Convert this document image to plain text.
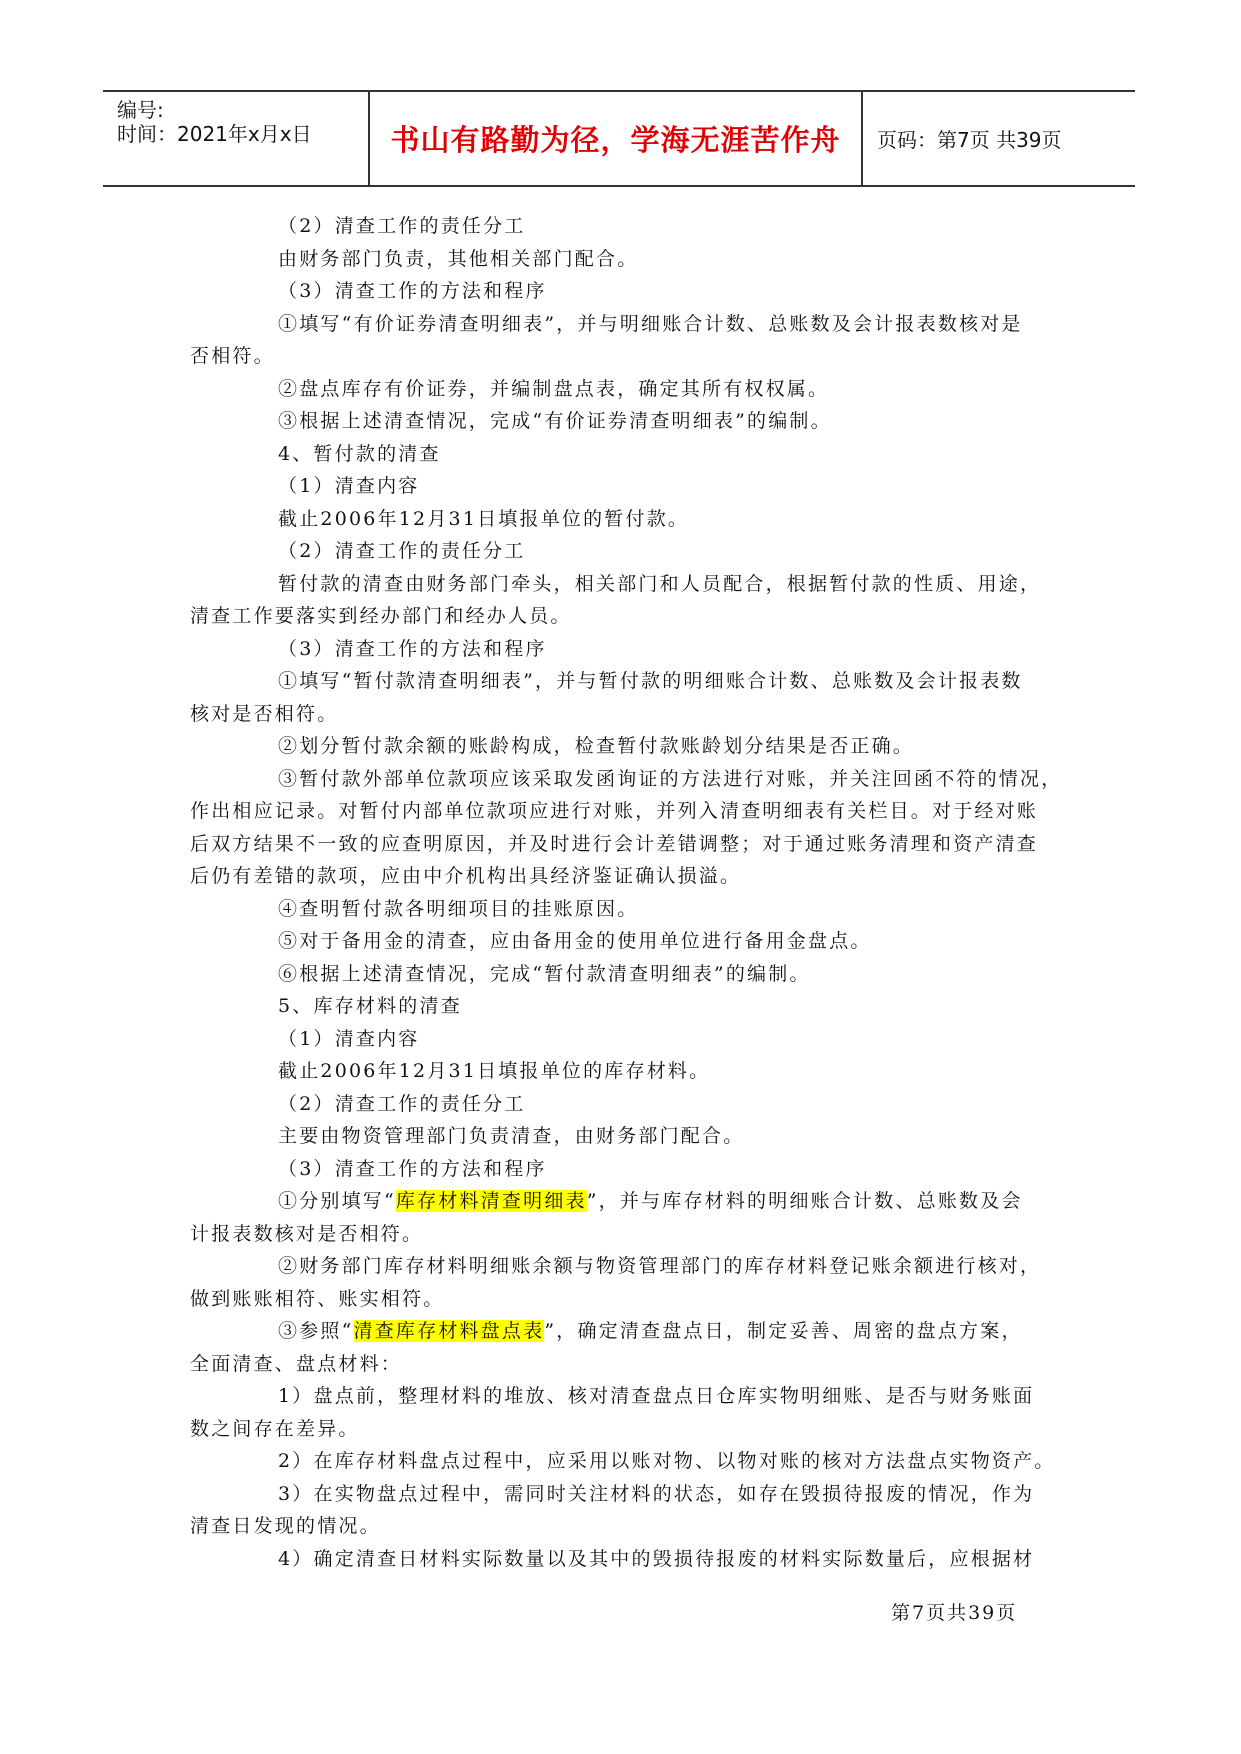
编号:
时间：2021年x月x日	书山有路勤为径，学海无涯苦作舟 页码：第7页 共39页
（2）清查工作的责任分工
由财务部门负责，其他相关部门配合。
（3）清查工作的方法和程序
①填写“有价证券清查明细表”，并与明细账合计数、总账数及会计报表数核对是
否相符。
②盘点库存有价证券，并编制盘点表，确定其所有权权属。
③根据上述清查情况，完成“有价证券清查明细表”的编制。
4、暂付款的清查
（1）清查内容
截止2006年12月31日填报单位的暂付款。
（2）清查工作的责任分工
暂付款的清查由财务部门牵头，相关部门和人员配合，根据暂付款的性质、用途，
清查工作要落实到经办部门和经办人员。
（3）清查工作的方法和程序
①填写“暂付款清查明细表”，并与暂付款的明细账合计数、总账数及会计报表数
核对是否相符。
②划分暂付款余额的账龄构成，检查暂付款账龄划分结果是否正确。
③暂付款外部单位款项应该采取发函询证的方法进行对账，并关注回函不符的情况，
作出相应记录。对暂付内部单位款项应进行对账，并列入清查明细表有关栏目。对于经对账
后双方结果不一致的应查明原因，并及时进行会计差错调整；对于通过账务清理和资产清查
后仍有差错的款项，应由中介机构出具经济鉴证确认损溢。
④查明暂付款各明细项目的挂账原因。
⑤对于备用金的清查，应由备用金的使用单位进行备用金盘点。
⑥根据上述清查情况，完成“暂付款清查明细表”的编制。
5、库存材料的清查
（1）清查内容
截止2006年12月31日填报单位的库存材料。
（2）清查工作的责任分工
主要由物资管理部门负责清查，由财务部门配合。
（3）清查工作的方法和程序
①分别填写“库存材料清查明细表”，并与库存材料的明细账合计数、总账数及会
计报表数核对是否相符。
②财务部门库存材料明细账余额与物资管理部门的库存材料登记账余额进行核对，
做到账账相符、账实相符。
③参照“清查库存材料盘点表”，确定清查盘点日，制定妥善、周密的盘点方案，
全面清查、盘点材料：
1）盘点前，整理材料的堆放、核对清查盘点日仓库实物明细账、是否与财务账面
数之间存在差异。
2）在库存材料盘点过程中，应采用以账对物、以物对账的核对方法盘点实物资产。
3）在实物盘点过程中，需同时关注材料的状态，如存在毁损待报废的情况，作为
清查日发现的情况。
4）确定清查日材料实际数量以及其中的毁损待报废的材料实际数量后，应根据材
第7页共39页
